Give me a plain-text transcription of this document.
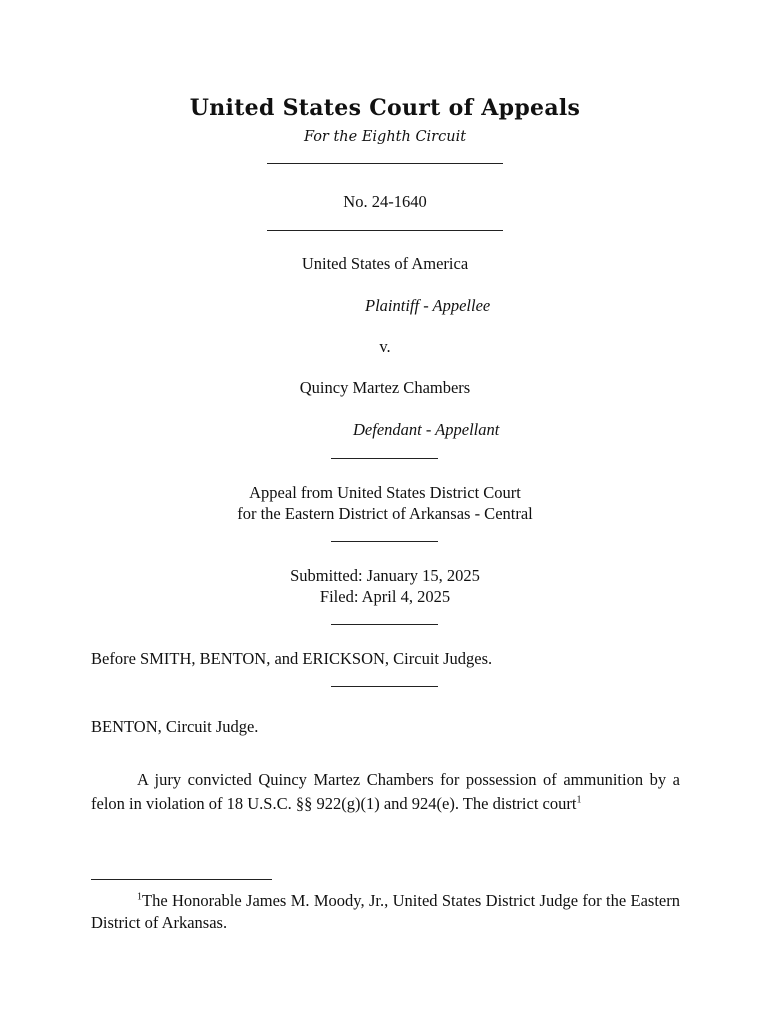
United States Court of Appeals
For the Eighth Circuit
No. 24-1640
United States of America
Plaintiff - Appellee
v.
Quincy Martez Chambers
Defendant - Appellant
Appeal from United States District Court
for the Eastern District of Arkansas - Central
Submitted: January 15, 2025
Filed: April 4, 2025
Before SMITH, BENTON, and ERICKSON, Circuit Judges.
BENTON, Circuit Judge.
A jury convicted Quincy Martez Chambers for possession of ammunition by a felon in violation of 18 U.S.C. §§ 922(g)(1) and 924(e). The district court$^1$
$^1$The Honorable James M. Moody, Jr., United States District Judge for the Eastern District of Arkansas.
